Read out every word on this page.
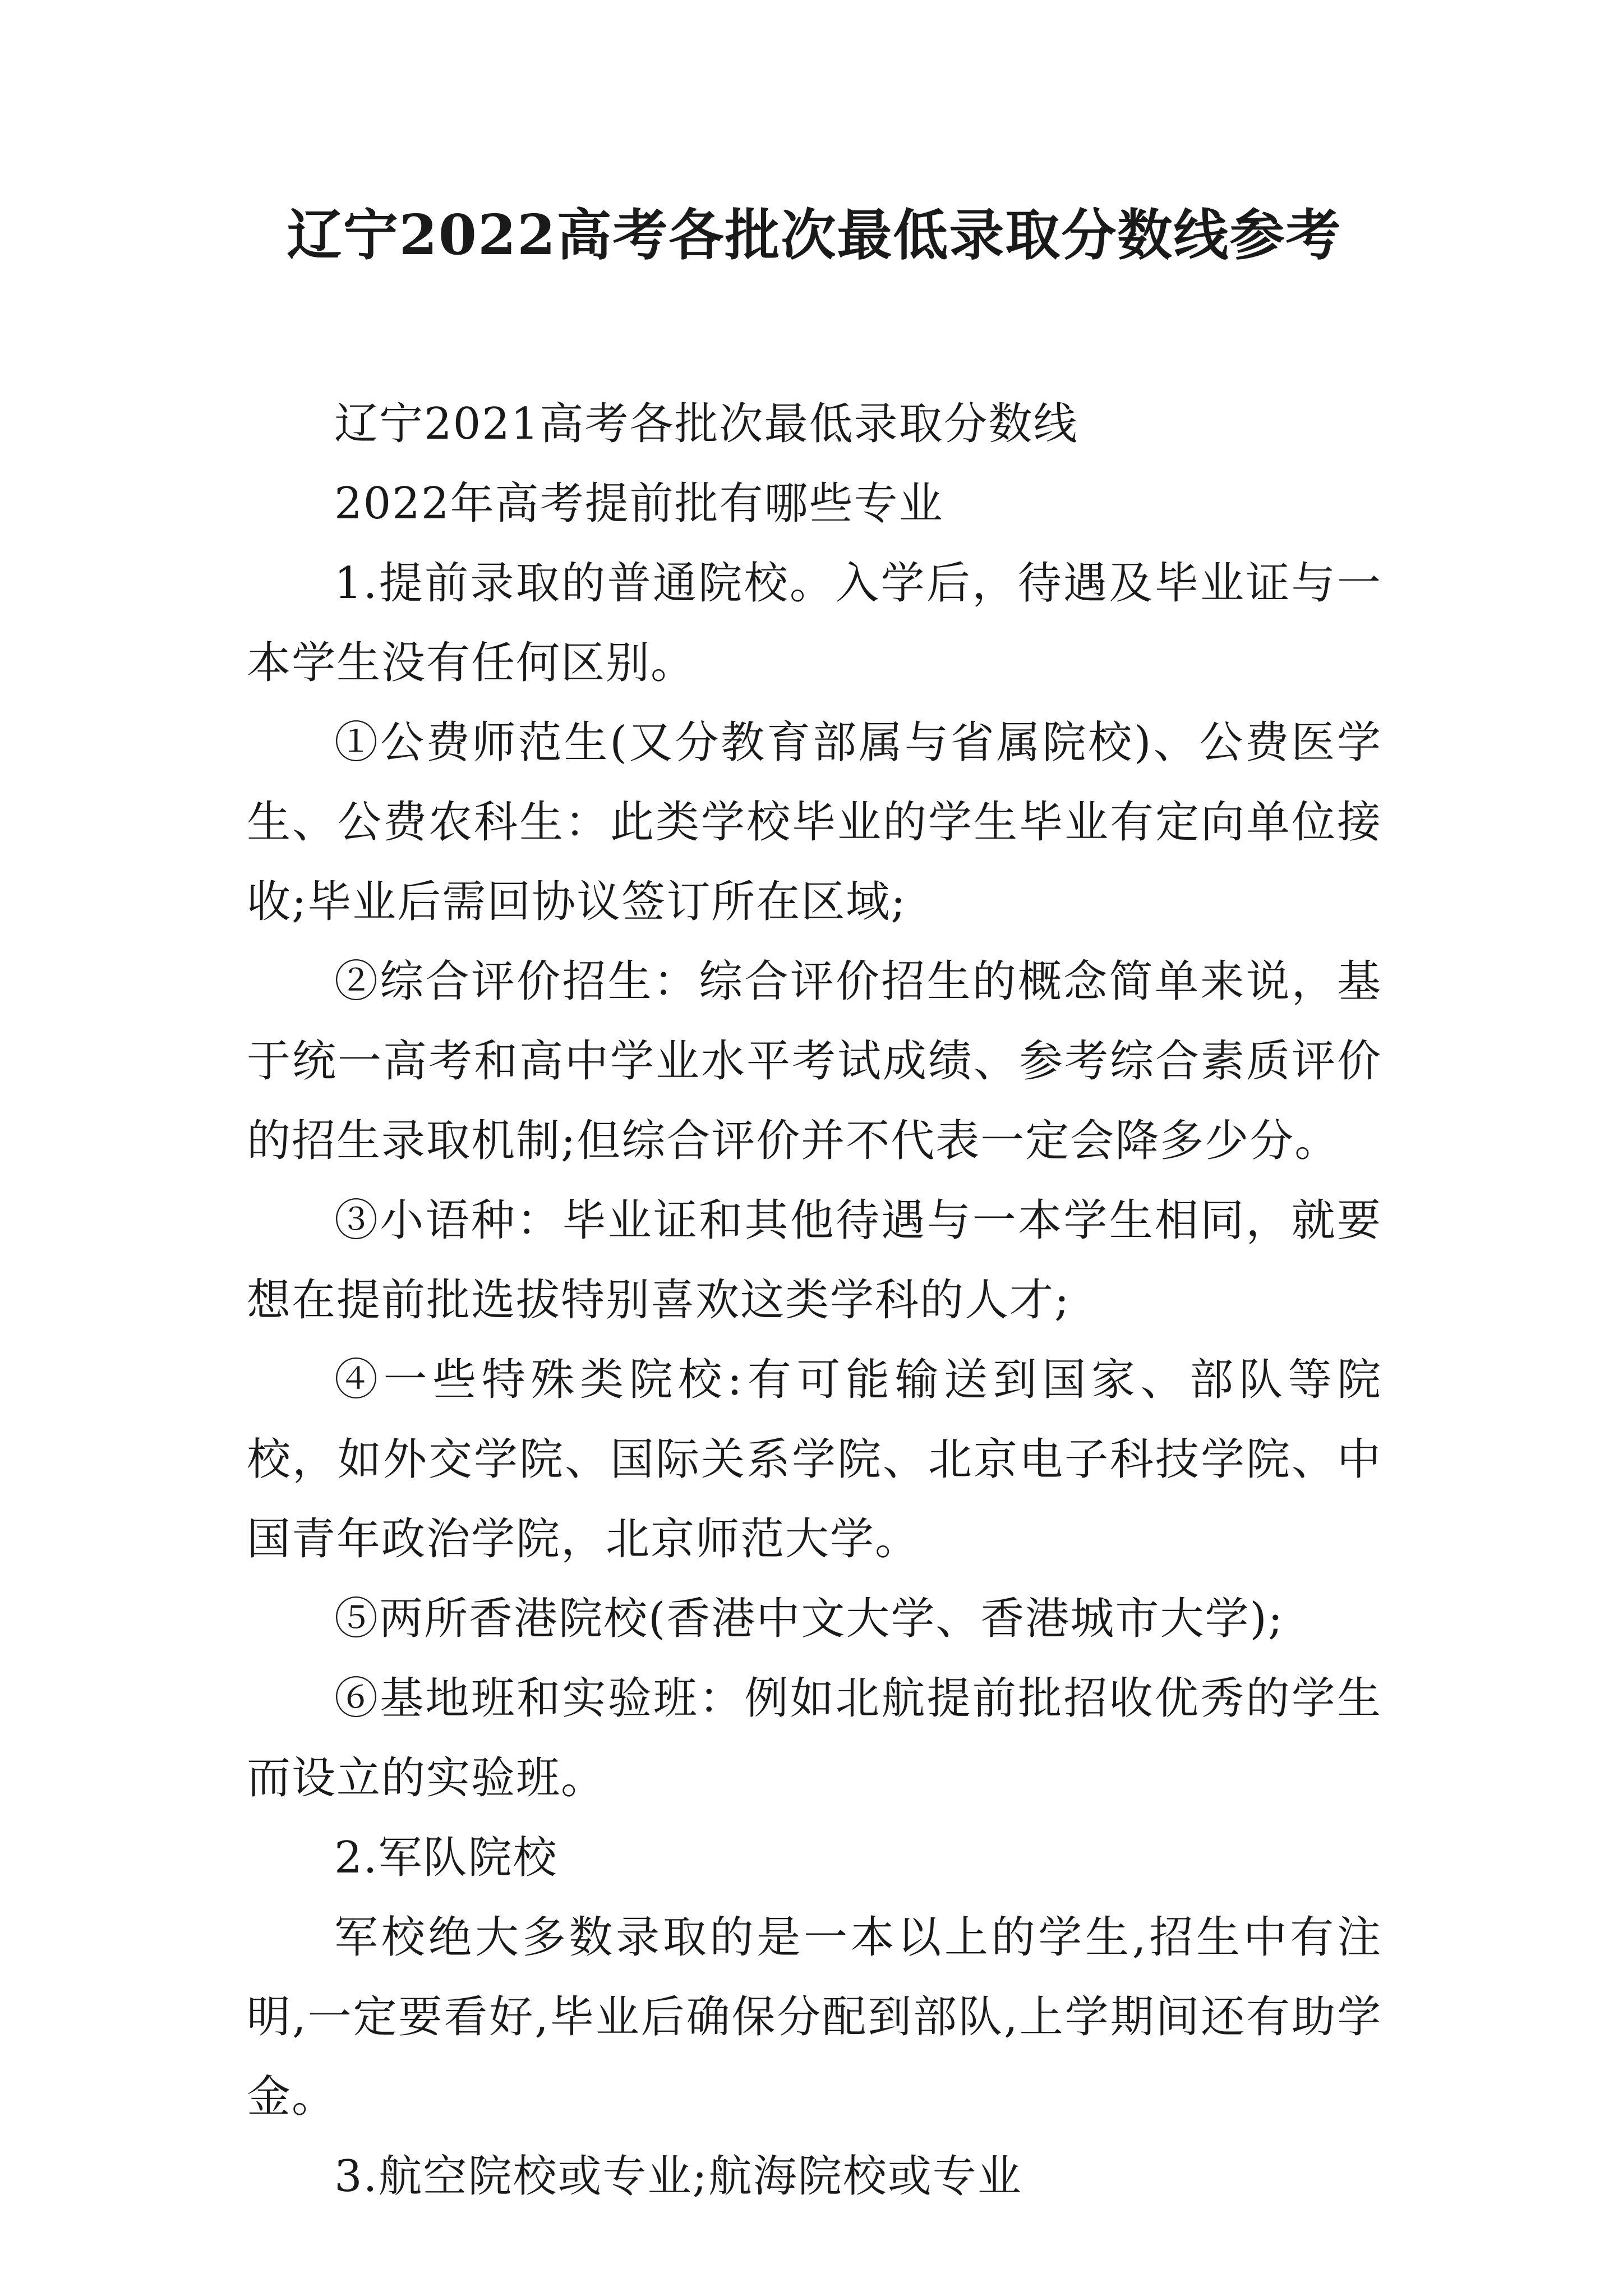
辽宁2022高考各批次最低录取分数线参考

辽宁2021高考各批次最低录取分数线

2022年高考提前批有哪些专业

1.提前录取的普通院校。入学后，待遇及毕业证与一本学生没有任何区别。

①公费师范生(又分教育部属与省属院校)、公费医学生、公费农科生：此类学校毕业的学生毕业有定向单位接收;毕业后需回协议签订所在区域;

②综合评价招生：综合评价招生的概念简单来说，基于统一高考和高中学业水平考试成绩、参考综合素质评价的招生录取机制;但综合评价并不代表一定会降多少分。

③小语种：毕业证和其他待遇与一本学生相同，就要想在提前批选拔特别喜欢这类学科的人才;

④一些特殊类院校:有可能输送到国家、部队等院校，如外交学院、国际关系学院、北京电子科技学院、中国青年政治学院，北京师范大学。

⑤两所香港院校(香港中文大学、香港城市大学);

⑥基地班和实验班：例如北航提前批招收优秀的学生而设立的实验班。

2.军队院校

军校绝大多数录取的是一本以上的学生,招生中有注明,一定要看好,毕业后确保分配到部队,上学期间还有助学金。

3.航空院校或专业;航海院校或专业
